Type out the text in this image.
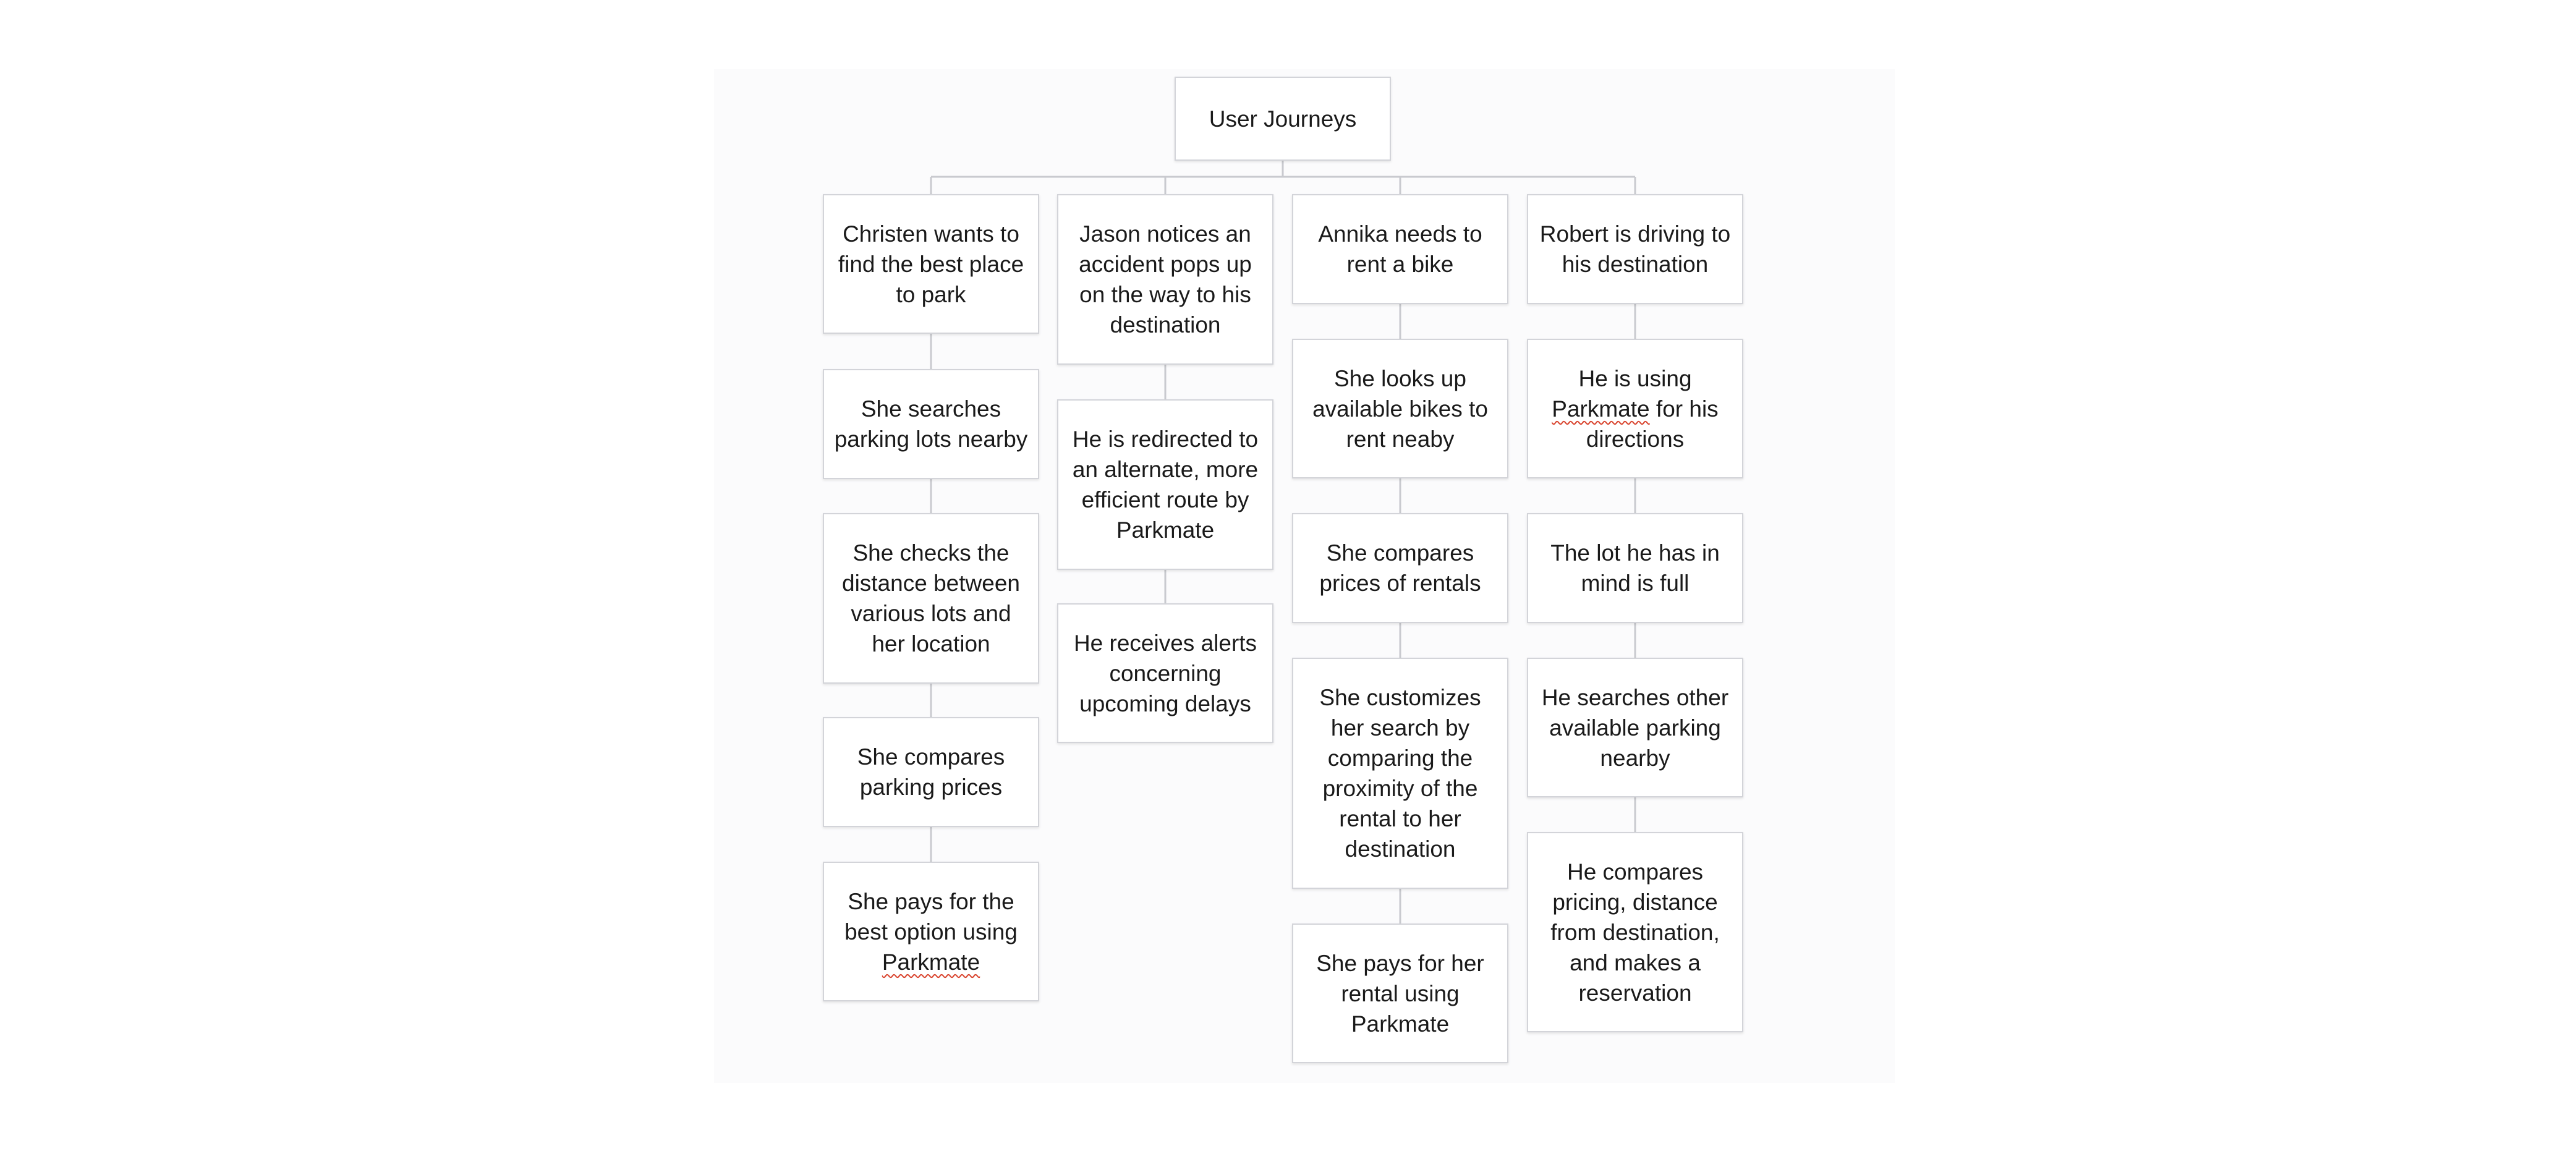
User Journeys
Christen wants to find the best place to park
She searches parking lots nearby
She checks the distance between various lots and her location
She compares parking prices
She pays for the best option using Parkmate
Jason notices an accident pops up on the way to his destination
He is redirected to an alternate, more efficient route by Parkmate
He receives alerts concerning upcoming delays
Annika needs to rent a bike
She looks up available bikes to rent neaby
She compares prices of rentals
She customizes her search by comparing the proximity of the rental to her destination
She pays for her rental using Parkmate
Robert is driving to his destination
He is using Parkmate for his directions
The lot he has in mind is full
He searches other available parking nearby
He compares pricing, distance from destination, and makes a reservation
